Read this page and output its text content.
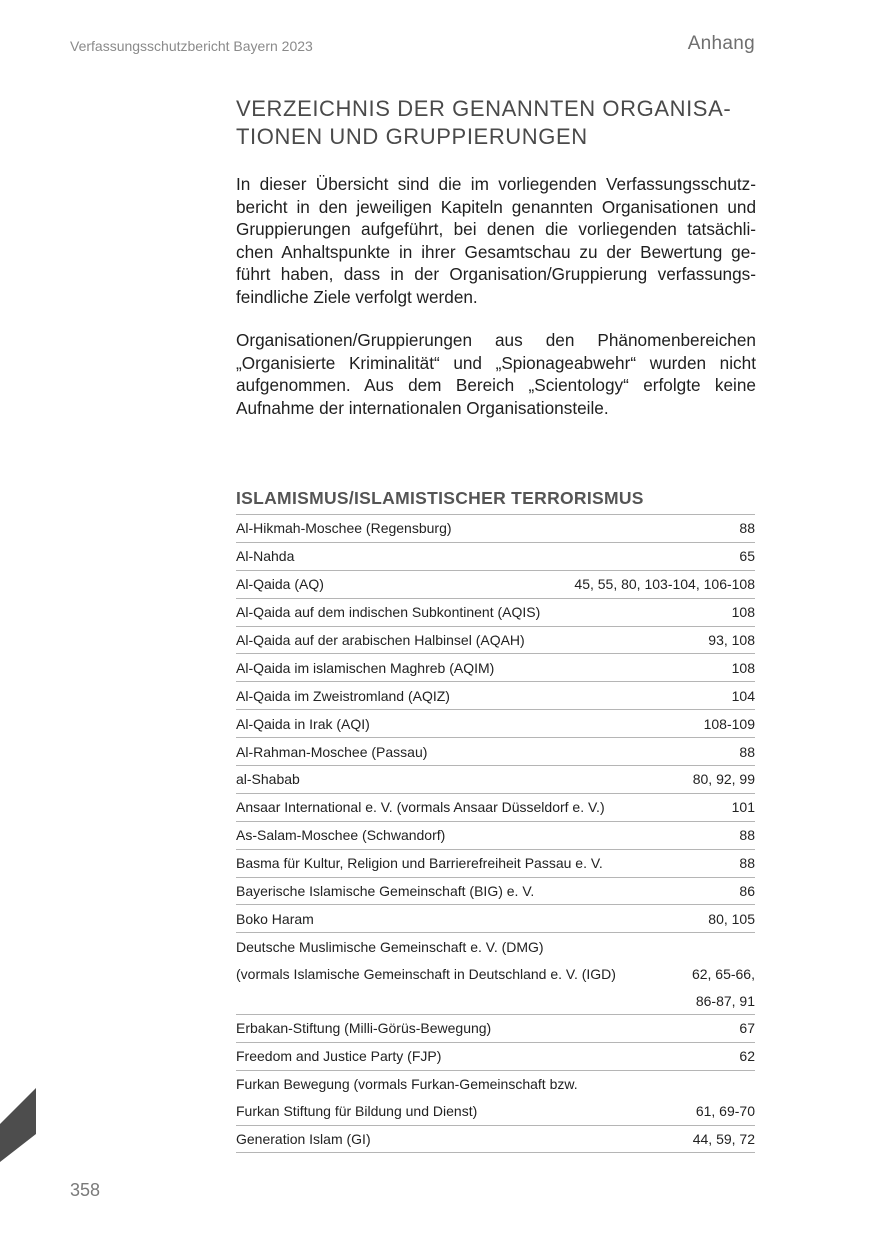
Verfassungsschutzbericht Bayern 2023	Anhang
VERZEICHNIS DER GENANNTEN ORGANISA-
TIONEN UND GRUPPIERUNGEN
In dieser Übersicht sind die im vorliegenden Verfassungsschutz-
bericht in den jeweiligen Kapiteln genannten Organisationen und
Gruppierungen aufgeführt, bei denen die vorliegenden tatsächli-
chen Anhaltspunkte in ihrer Gesamtschau zu der Bewertung ge-
führt haben, dass in der Organisation/Gruppierung verfassungs-
feindliche Ziele verfolgt werden.
Organisationen/Gruppierungen aus den Phänomenbereichen
„Organisierte Kriminalität“ und „Spionageabwehr“ wurden nicht
aufgenommen. Aus dem Bereich „Scientology“ erfolgte keine
Aufnahme der internationalen Organisationsteile.
ISLAMISMUS/ISLAMISTISCHER TERRORISMUS
Al-Hikmah-Moschee (Regensburg)	88
Al-Nahda	65
Al-Qaida (AQ)	45, 55, 80, 103-104, 106-108
Al-Qaida auf dem indischen Subkontinent (AQIS)	108
Al-Qaida auf der arabischen Halbinsel (AQAH)	93, 108
Al-Qaida im islamischen Maghreb (AQIM)	108
Al-Qaida im Zweistromland (AQIZ)	104
Al-Qaida in Irak (AQI)	108-109
Al-Rahman-Moschee (Passau)	88
al-Shabab	80, 92, 99
Ansaar International e. V. (vormals Ansaar Düsseldorf e. V.)	101
As-Salam-Moschee (Schwandorf)	88
Basma für Kultur, Religion und Barrierefreiheit Passau e. V.	88
Bayerische Islamische Gemeinschaft (BIG) e. V.	86
Boko Haram	80, 105
Deutsche Muslimische Gemeinschaft e. V. (DMG)
(vormals Islamische Gemeinschaft in Deutschland e. V. (IGD)	62, 65-66,
86-87, 91
Erbakan-Stiftung (Milli-Görüs-Bewegung)	67
Freedom and Justice Party (FJP)	62
Furkan Bewegung (vormals Furkan-Gemeinschaft bzw.
Furkan Stiftung für Bildung und Dienst)	61, 69-70
Generation Islam (GI)	44, 59, 72
358
